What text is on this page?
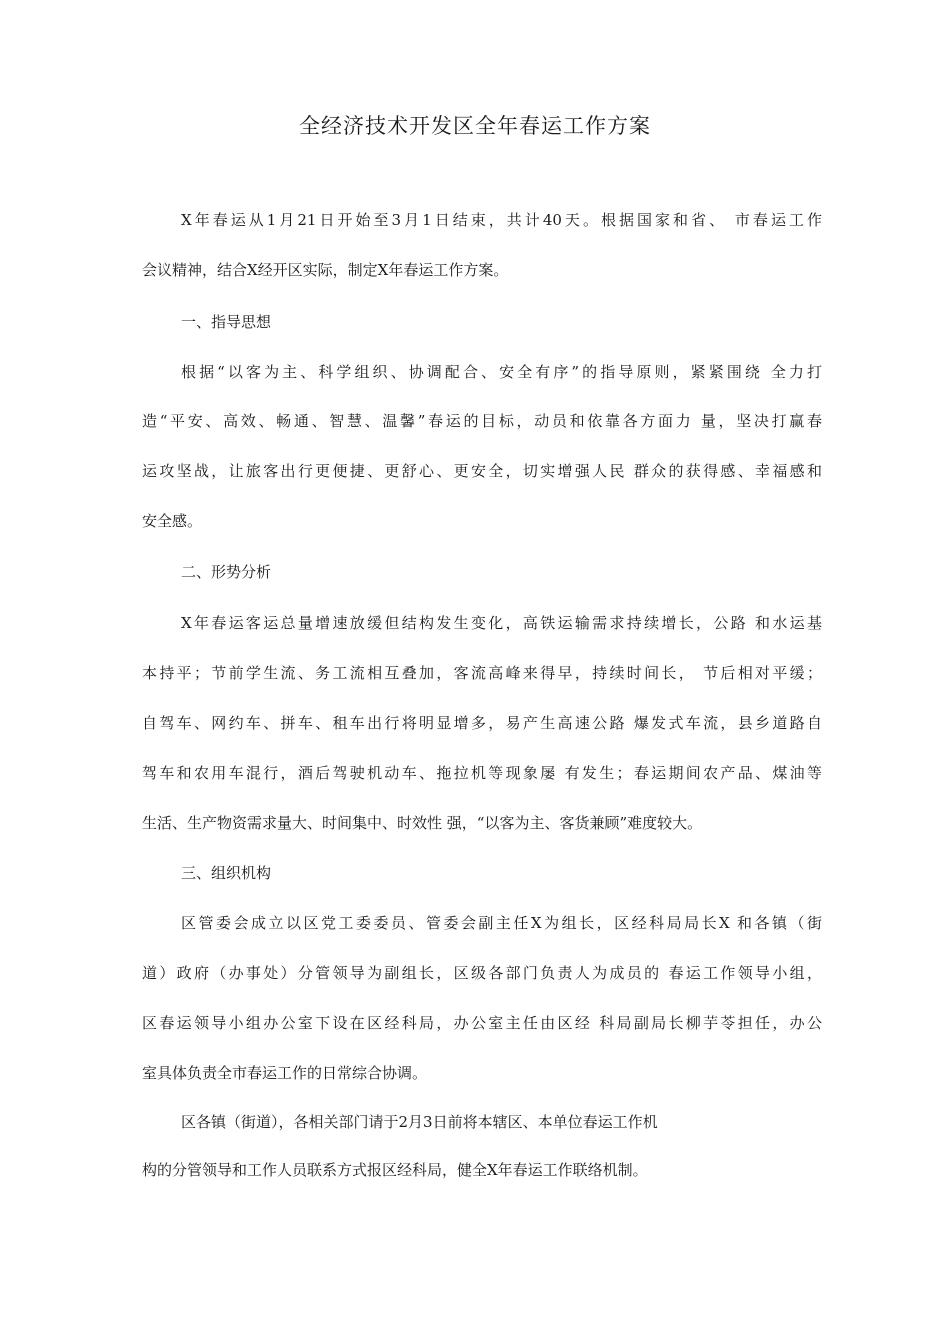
全经济技术开发区全年春运工作方案
X年春运从1月21日开始至3月1日结束，共计40天。根据国家和省、 市春运工作
会议精神，结合X经开区实际，制定X年春运工作方案。
一、指导思想
根据“以客为主、科学组织、协调配合、安全有序”的指导原则，紧紧围绕 全力打
造“平安、高效、畅通、智慧、温馨”春运的目标，动员和依靠各方面力 量，坚决打赢春
运攻坚战，让旅客出行更便捷、更舒心、更安全，切实增强人民 群众的获得感、幸福感和
安全感。
二、形势分析
X年春运客运总量增速放缓但结构发生变化，高铁运输需求持续增长，公路 和水运基
本持平；节前学生流、务工流相互叠加，客流高峰来得早，持续时间长， 节后相对平缓；
自驾车、网约车、拼车、租车出行将明显增多，易产生高速公路 爆发式车流，县乡道路自
驾车和农用车混行，酒后驾驶机动车、拖拉机等现象屡 有发生；春运期间农产品、煤油等
生活、生产物资需求量大、时间集中、时效性 强，“以客为主、客货兼顾”难度较大。
三、组织机构
区管委会成立以区党工委委员、管委会副主任X为组长，区经科局局长X 和各镇（街
道）政府（办事处）分管领导为副组长，区级各部门负责人为成员的 春运工作领导小组，
区春运领导小组办公室下设在区经科局，办公室主任由区经 科局副局长柳芋苓担任，办公
室具体负责全市春运工作的日常综合协调。
区各镇（街道），各相关部门请于2月3日前将本辖区、本单位春运工作机
构的分管领导和工作人员联系方式报区经科局，健全X年春运工作联络机制。
